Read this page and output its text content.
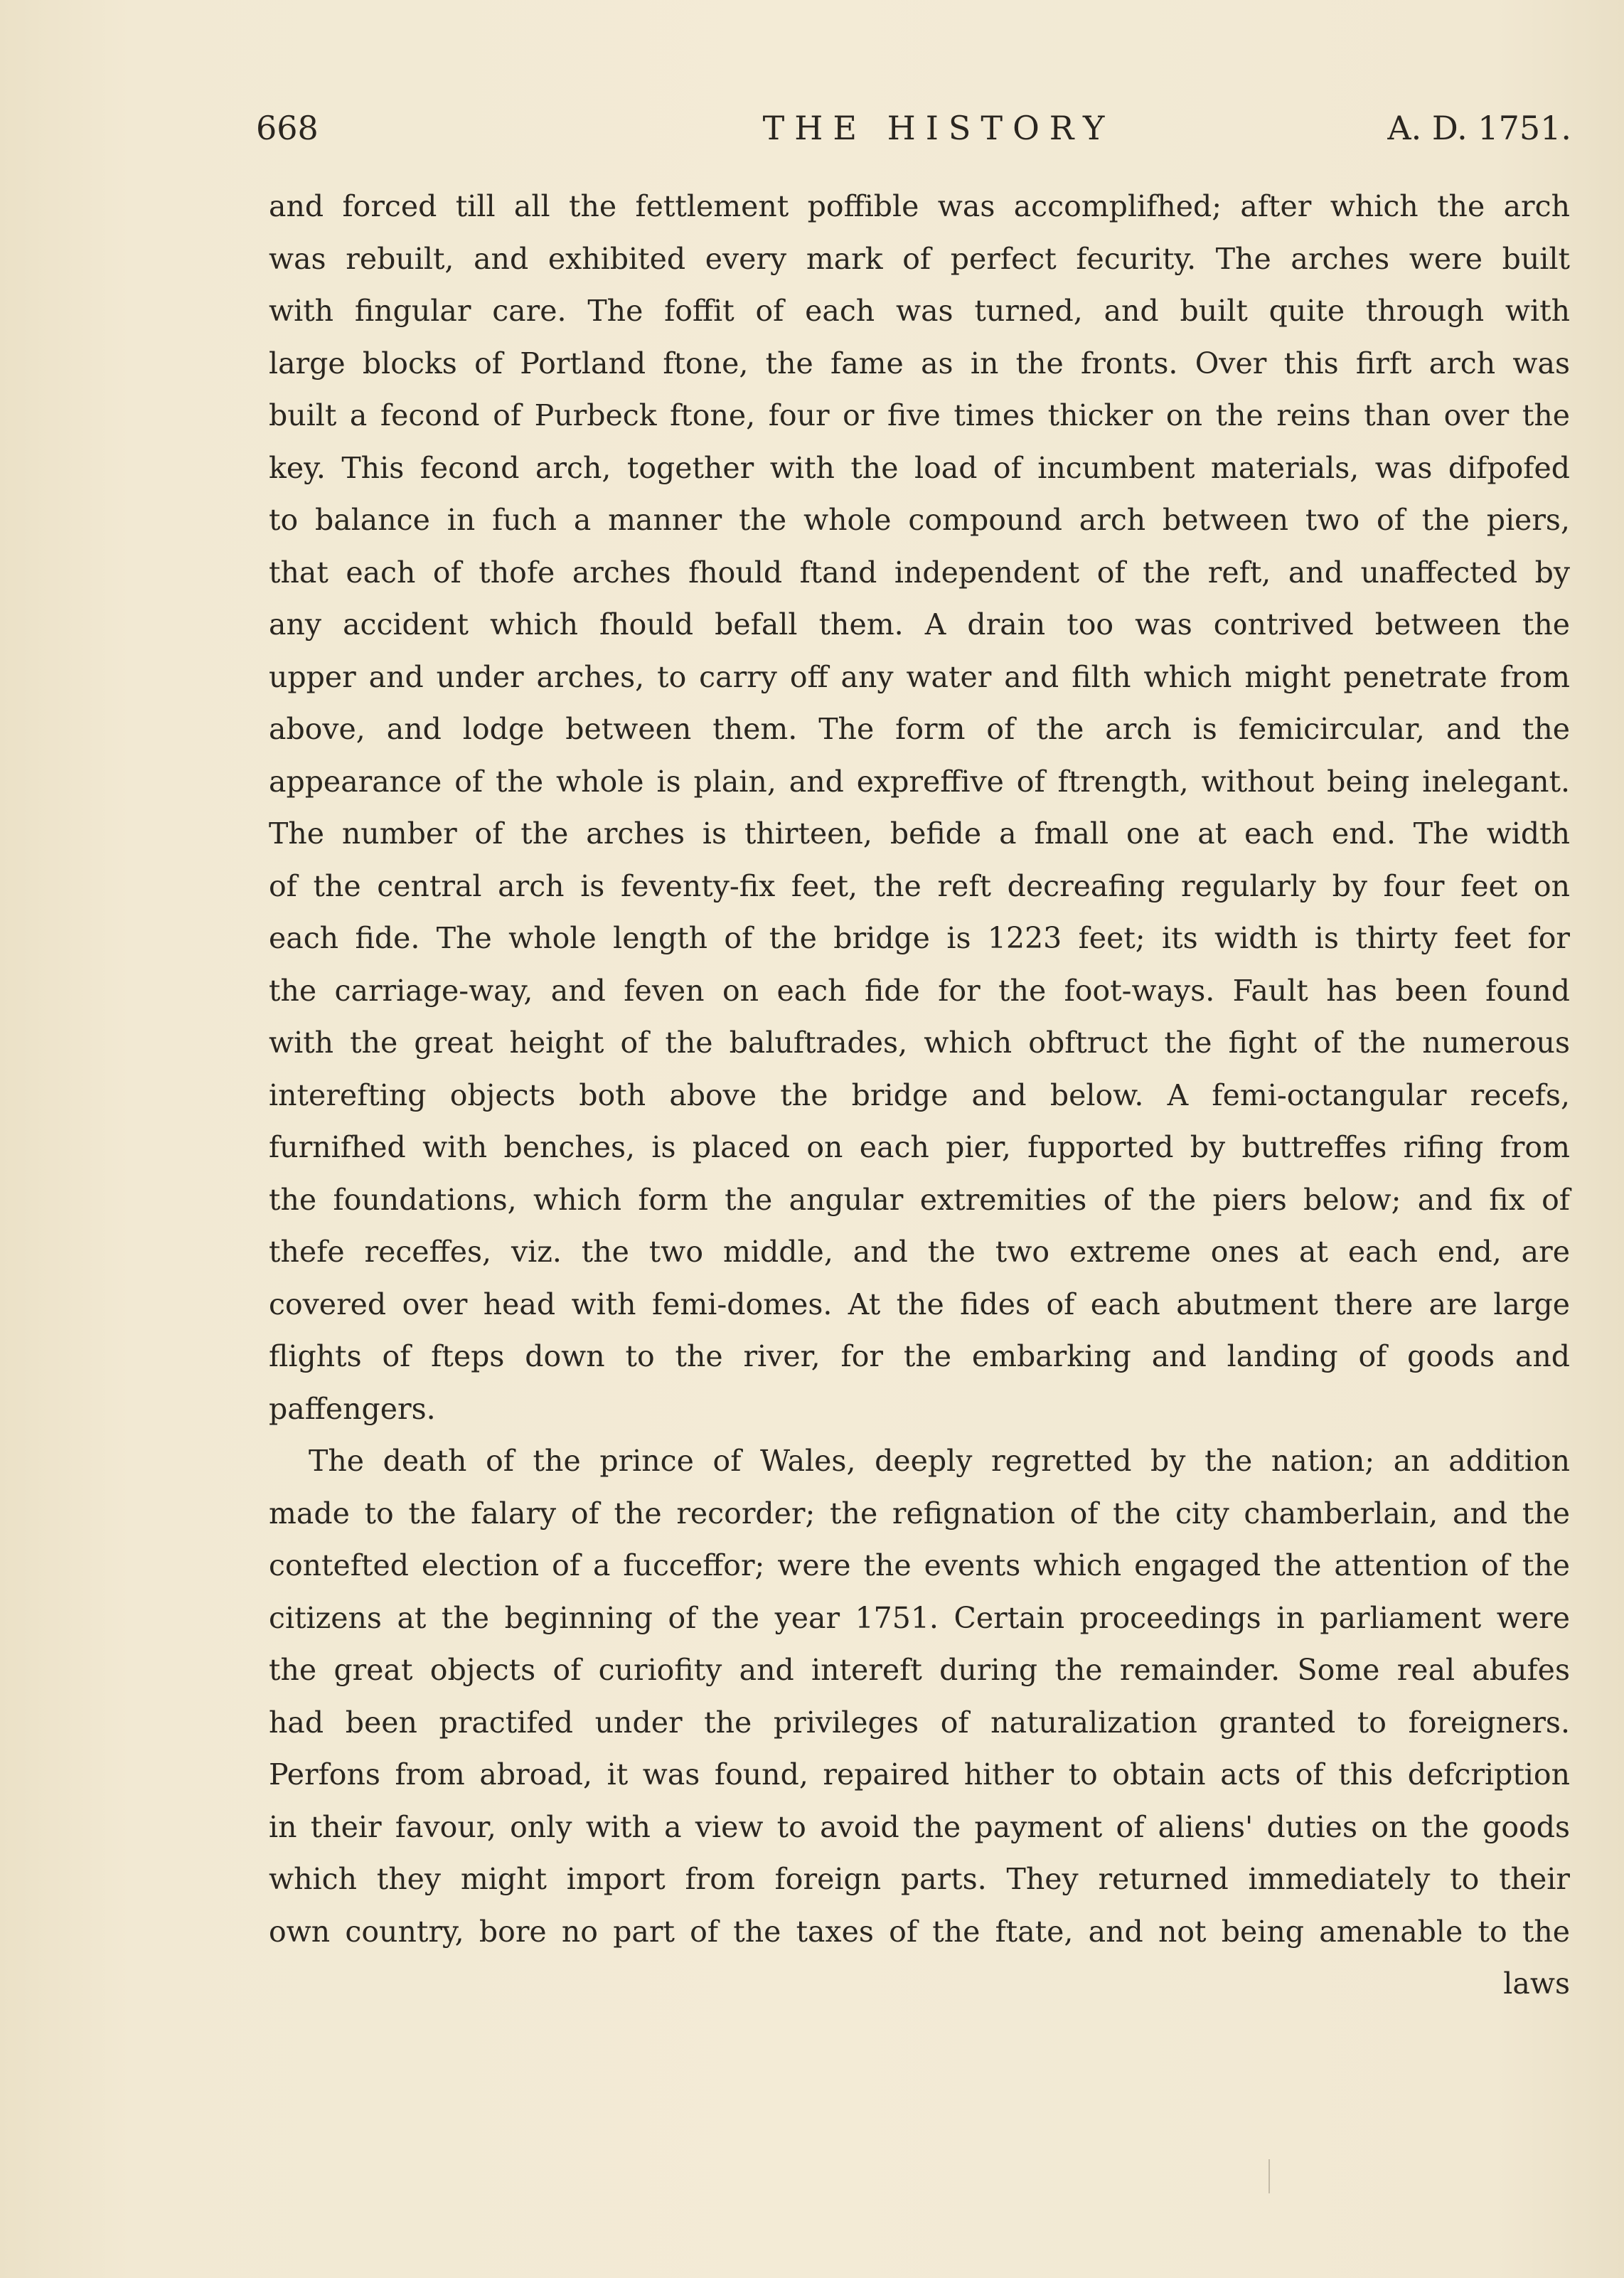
668	THE HISTORY	A. D. 1751.
and forced till all the fettlement poffible was accomplifhed; after which the arch
was rebuilt, and exhibited every mark of perfect fecurity. The arches were built
with fingular care. The foffit of each was turned, and built quite through with
large blocks of Portland ftone, the fame as in the fronts. Over this firft arch was
built a fecond of Purbeck ftone, four or five times thicker on the reins than over the
key. This fecond arch, together with the load of incumbent materials, was difpofed
to balance in fuch a manner the whole compound arch between two of the piers,
that each of thofe arches fhould ftand independent of the reft, and unaffected by
any accident which fhould befall them. A drain too was contrived between the
upper and under arches, to carry off any water and filth which might penetrate from
above, and lodge between them. The form of the arch is femicircular, and the
appearance of the whole is plain, and expreffive of ftrength, without being inelegant.
The number of the arches is thirteen, befide a fmall one at each end. The width
of the central arch is feventy-fix feet, the reft decreafing regularly by four feet on
each fide. The whole length of the bridge is 1223 feet; its width is thirty feet for
the carriage-way, and feven on each fide for the foot-ways. Fault has been found
with the great height of the baluftrades, which obftruct the fight of the numerous
interefting objects both above the bridge and below. A femi-octangular recefs,
furnifhed with benches, is placed on each pier, fupported by buttreffes rifing from
the foundations, which form the angular extremities of the piers below; and fix of
thefe receffes, viz. the two middle, and the two extreme ones at each end, are
covered over head with femi-domes. At the fides of each abutment there are large
flights of fteps down to the river, for the embarking and landing of goods and
paffengers.
The death of the prince of Wales, deeply regretted by the nation; an addition
made to the falary of the recorder; the refignation of the city chamberlain, and the
contefted election of a fucceffor; were the events which engaged the attention of the
citizens at the beginning of the year 1751. Certain proceedings in parliament were
the great objects of curiofity and intereft during the remainder. Some real abufes
had been practifed under the privileges of naturalization granted to foreigners.
Perfons from abroad, it was found, repaired hither to obtain acts of this defcription
in their favour, only with a view to avoid the payment of aliens' duties on the goods
which they might import from foreign parts. They returned immediately to their
own country, bore no part of the taxes of the ftate, and not being amenable to the
laws
